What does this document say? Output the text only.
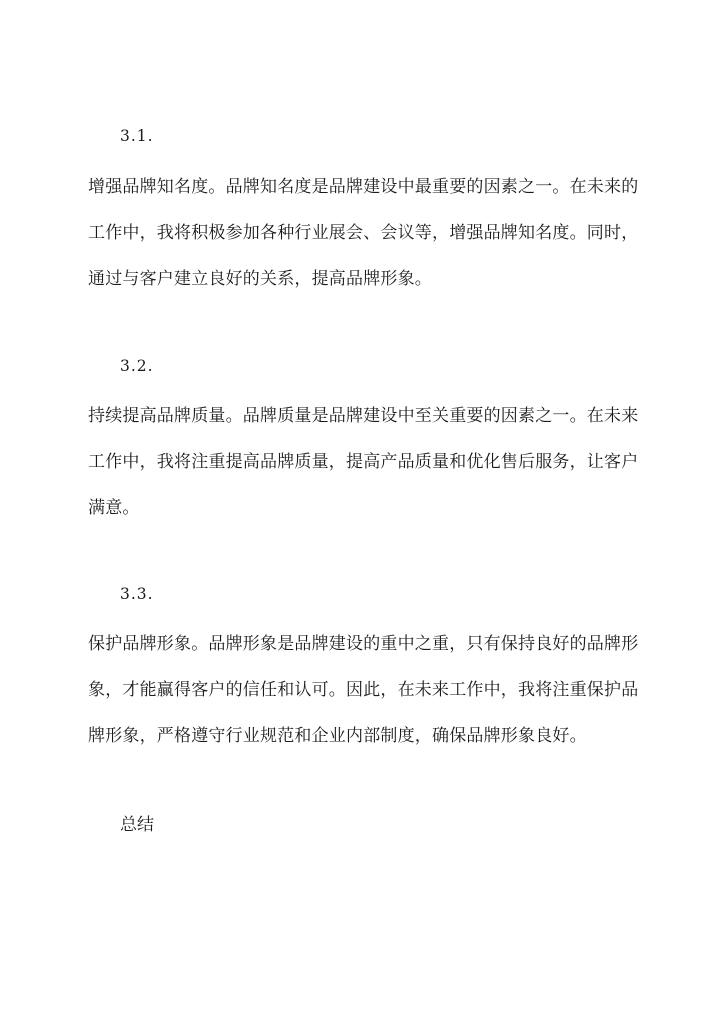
3.1.
增强品牌知名度。品牌知名度是品牌建设中最重要的因素之一。在未来的
工作中，我将积极参加各种行业展会、会议等，增强品牌知名度。同时，
通过与客户建立良好的关系，提高品牌形象。
3.2.
持续提高品牌质量。品牌质量是品牌建设中至关重要的因素之一。在未来
工作中，我将注重提高品牌质量，提高产品质量和优化售后服务，让客户
满意。
3.3.
保护品牌形象。品牌形象是品牌建设的重中之重，只有保持良好的品牌形
象，才能赢得客户的信任和认可。因此，在未来工作中，我将注重保护品
牌形象，严格遵守行业规范和企业内部制度，确保品牌形象良好。
总结
